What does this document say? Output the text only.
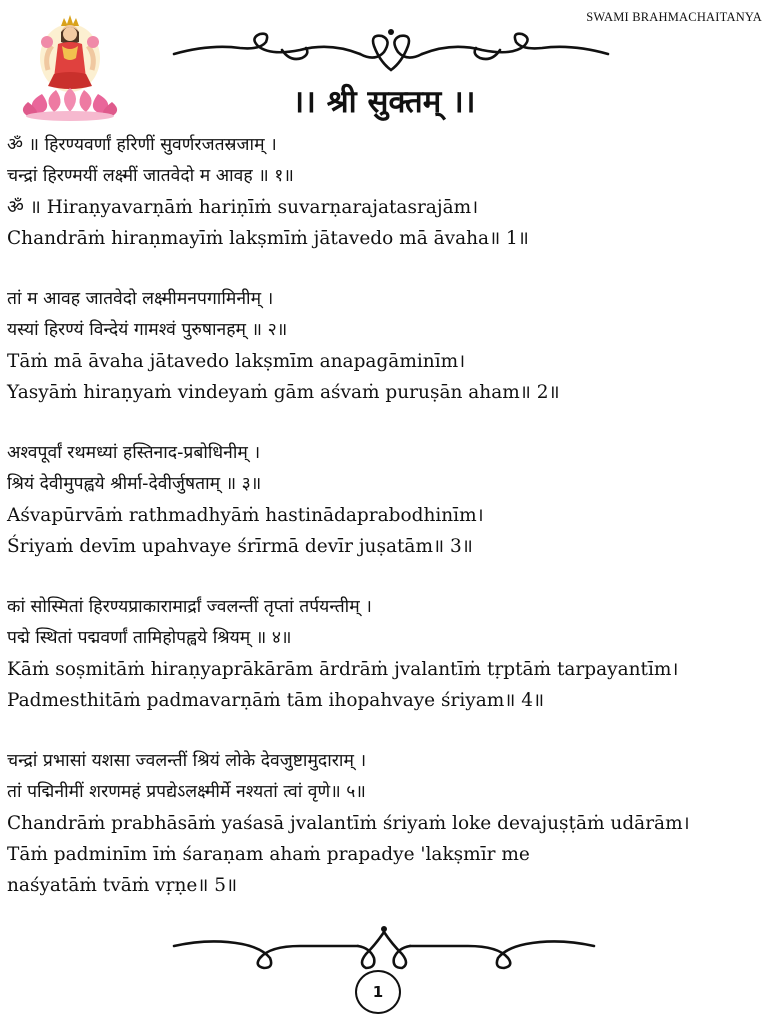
SWAMI BRAHMACHAITANYA
।। श्री सुक्तम् ।।
ॐ ॥ हिरण्यवर्णां हरिणीं सुवर्णरजतस्रजाम् ।
चन्द्रां हिरण्मयीं लक्ष्मीं जातवेदो म आवह ॥ १॥
ॐ ॥ Hiraṇyavarṇāṁ hariṇīṁ suvarṇarajatasrajām।
Chandrāṁ hiraṇmayīṁ lakṣmīṁ jātavedo mā āvaha॥ 1॥
तां म आवह जातवेदो लक्ष्मीमनपगामिनीम् ।
यस्यां हिरण्यं विन्देयं गामश्वं पुरुषानहम् ॥ २॥
Tāṁ mā āvaha jātavedo lakṣmīm anapagāminīm।
Yasyāṁ hiraṇyaṁ vindeyaṁ gām aśvaṁ puruṣān aham॥ 2॥
अश्वपूर्वां रथमध्यां हस्तिनाद-प्रबोधिनीम् ।
श्रियं देवीमुपह्वये श्रीर्मा-देवीर्जुषताम् ॥ ३॥
Aśvapūrvāṁ rathmadhyāṁ hastinādaprabodhinīm।
Śriyaṁ devīm upahvaye śrīrmā devīr juṣatām॥ 3॥
कां सोस्मितां हिरण्यप्राकारामार्द्रां ज्वलन्तीं तृप्तां तर्पयन्तीम् ।
पद्मे स्थितां पद्मवर्णां तामिहोपह्वये श्रियम् ॥ ४॥
Kāṁ soṣmitāṁ hiraṇyaprākārām ārdrāṁ jvalantīṁ tṛptāṁ tarpayantīm।
Padmesthitāṁ padmavarṇāṁ tām ihopahvaye śriyam॥ 4॥
चन्द्रां प्रभासां यशसा ज्वलन्तीं श्रियं लोके देवजुष्टामुदाराम् ।
तां पद्मिनीमीं शरणमहं प्रपद्येऽलक्ष्मीर्मे नश्यतां त्वां वृणे॥ ५॥
Chandrāṁ prabhāsāṁ yaśasā jvalantīṁ śriyaṁ loke devajuṣṭāṁ udārām।
Tāṁ padminīm īṁ śaraṇam ahaṁ prapadye 'lakṣmīr me
naśyatāṁ tvāṁ vṛṇe॥ 5॥
1
